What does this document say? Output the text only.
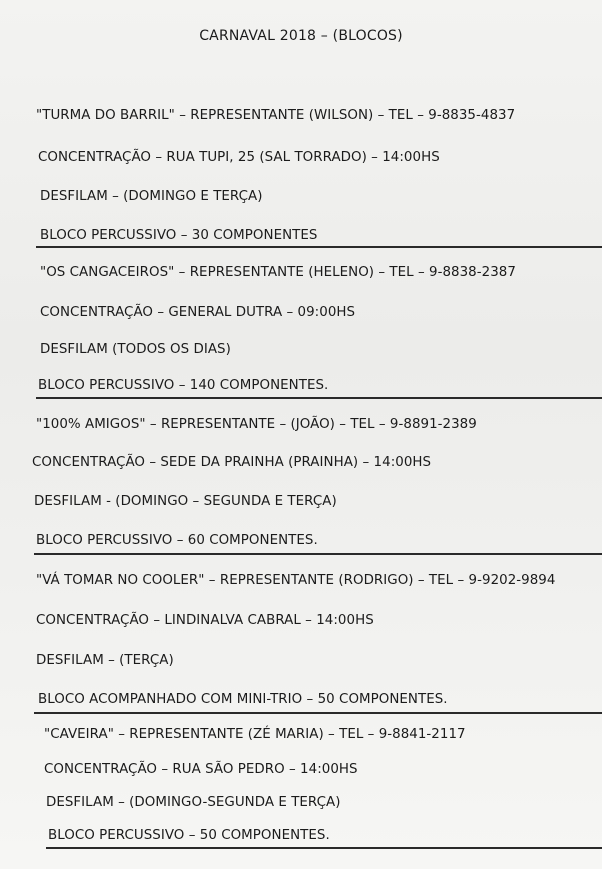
CARNAVAL 2018 – (BLOCOS)
"TURMA DO BARRIL" – REPRESENTANTE (WILSON) – TEL – 9-8835-4837
CONCENTRAÇÃO – RUA TUPI, 25 (SAL TORRADO) – 14:00HS
DESFILAM – (DOMINGO E TERÇA)
BLOCO PERCUSSIVO – 30 COMPONENTES
"OS CANGACEIROS" – REPRESENTANTE (HELENO) – TEL – 9-8838-2387
CONCENTRAÇÃO – GENERAL DUTRA – 09:00HS
DESFILAM (TODOS OS DIAS)
BLOCO PERCUSSIVO – 140 COMPONENTES.
"100% AMIGOS" – REPRESENTANTE – (JOÃO) – TEL – 9-8891-2389
CONCENTRAÇÃO – SEDE DA PRAINHA (PRAINHA) – 14:00HS
DESFILAM - (DOMINGO – SEGUNDA E TERÇA)
BLOCO PERCUSSIVO – 60 COMPONENTES.
"VÁ TOMAR NO COOLER" – REPRESENTANTE (RODRIGO) – TEL – 9-9202-9894
CONCENTRAÇÃO – LINDINALVA CABRAL – 14:00HS
DESFILAM – (TERÇA)
BLOCO ACOMPANHADO COM MINI-TRIO – 50 COMPONENTES.
"CAVEIRA" – REPRESENTANTE (ZÉ MARIA) – TEL – 9-8841-2117
CONCENTRAÇÃO – RUA SÃO PEDRO – 14:00HS
DESFILAM – (DOMINGO-SEGUNDA E TERÇA)
BLOCO PERCUSSIVO – 50 COMPONENTES.
